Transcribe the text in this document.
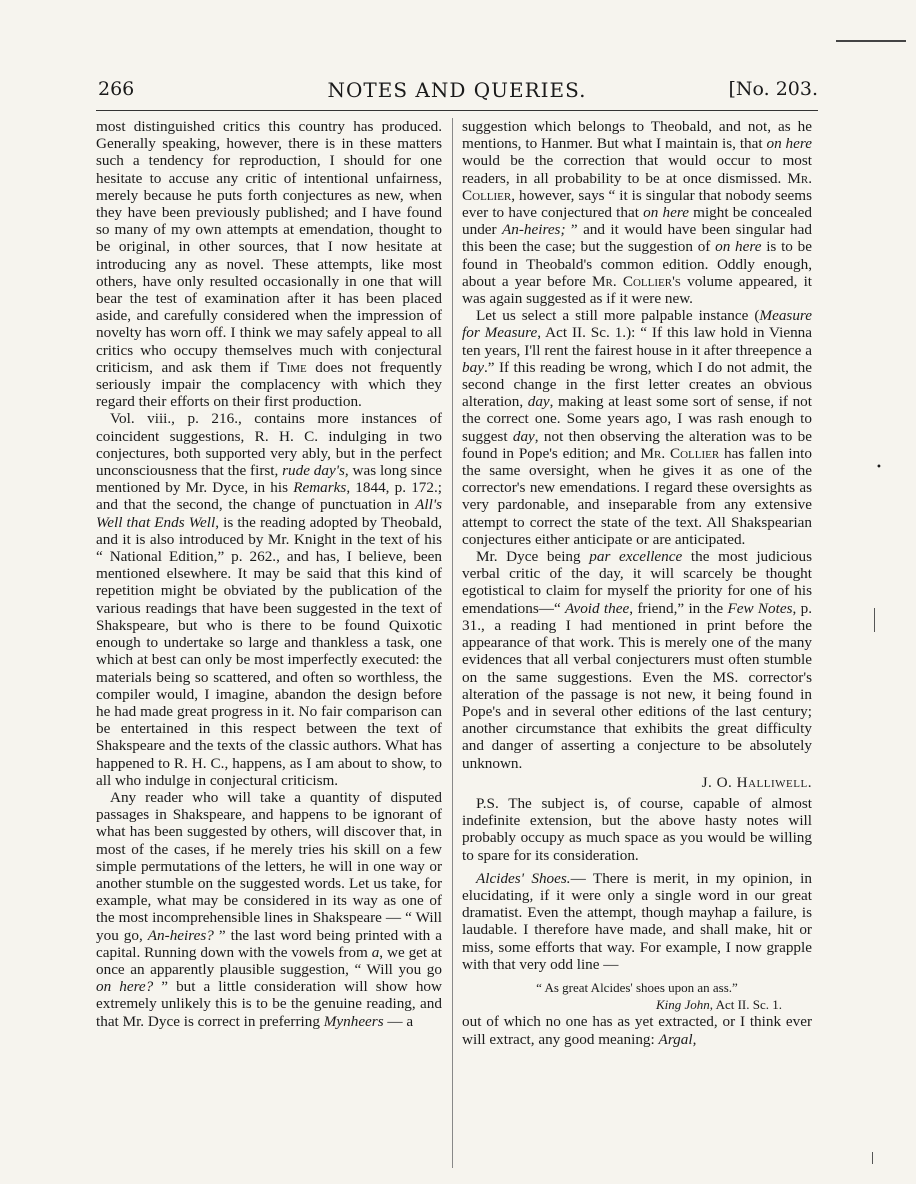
266	NOTES AND QUERIES.	[No. 203.

most distinguished critics this country has produced. Generally speaking, however, there is in these matters such a tendency for reproduction, I should for one hesitate to accuse any critic of intentional unfairness, merely because he puts forth conjectures as new, when they have been previously published; and I have found so many of my own attempts at emendation, thought to be original, in other sources, that I now hesitate at introducing any as novel. These attempts, like most others, have only resulted occasionally in one that will bear the test of examination after it has been placed aside, and carefully considered when the impression of novelty has worn off. I think we may safely appeal to all critics who occupy themselves much with conjectural criticism, and ask them if Time does not frequently seriously impair the complacency with which they regard their efforts on their first production.

Vol. viii., p. 216., contains more instances of coincident suggestions, R. H. C. indulging in two conjectures, both supported very ably, but in the perfect unconsciousness that the first, rude day's, was long since mentioned by Mr. Dyce, in his Remarks, 1844, p. 172.; and that the second, the change of punctuation in All's Well that Ends Well, is the reading adopted by Theobald, and it is also introduced by Mr. Knight in the text of his “ National Edition,” p. 262., and has, I believe, been mentioned elsewhere. It may be said that this kind of repetition might be obviated by the publication of the various readings that have been suggested in the text of Shakspeare, but who is there to be found Quixotic enough to undertake so large and thankless a task, one which at best can only be most imperfectly executed: the materials being so scattered, and often so worthless, the compiler would, I imagine, abandon the design before he had made great progress in it. No fair comparison can be entertained in this respect between the text of Shakspeare and the texts of the classic authors. What has happened to R. H. C., happens, as I am about to show, to all who indulge in conjectural criticism.

Any reader who will take a quantity of disputed passages in Shakspeare, and happens to be ignorant of what has been suggested by others, will discover that, in most of the cases, if he merely tries his skill on a few simple permutations of the letters, he will in one way or another stumble on the suggested words. Let us take, for example, what may be considered in its way as one of the most incomprehensible lines in Shakspeare — “ Will you go, An-heires? ” the last word being printed with a capital. Running down with the vowels from a, we get at once an apparently plausible suggestion, “ Will you go on here? ” but a little consideration will show how extremely unlikely this is to be the genuine reading, and that Mr. Dyce is correct in preferring Mynheers — a

suggestion which belongs to Theobald, and not, as he mentions, to Hanmer. But what I maintain is, that on here would be the correction that would occur to most readers, in all probability to be at once dismissed. Mr. Collier, however, says “ it is singular that nobody seems ever to have conjectured that on here might be concealed under An-heires; ” and it would have been singular had this been the case; but the suggestion of on here is to be found in Theobald's common edition. Oddly enough, about a year before Mr. Collier's volume appeared, it was again suggested as if it were new.

Let us select a still more palpable instance (Measure for Measure, Act II. Sc. 1.): “ If this law hold in Vienna ten years, I'll rent the fairest house in it after threepence a bay.” If this reading be wrong, which I do not admit, the second change in the first letter creates an obvious alteration, day, making at least some sort of sense, if not the correct one. Some years ago, I was rash enough to suggest day, not then observing the alteration was to be found in Pope's edition; and Mr. Collier has fallen into the same oversight, when he gives it as one of the corrector's new emendations. I regard these oversights as very pardonable, and inseparable from any extensive attempt to correct the state of the text. All Shakspearian conjectures either anticipate or are anticipated.

Mr. Dyce being par excellence the most judicious verbal critic of the day, it will scarcely be thought egotistical to claim for myself the priority for one of his emendations—“ Avoid thee, friend,” in the Few Notes, p. 31., a reading I had mentioned in print before the appearance of that work. This is merely one of the many evidences that all verbal conjecturers must often stumble on the same suggestions. Even the MS. corrector's alteration of the passage is not new, it being found in Pope's and in several other editions of the last century; another circumstance that exhibits the great difficulty and danger of asserting a conjecture to be absolutely unknown.

J. O. Halliwell.

P.S. The subject is, of course, capable of almost indefinite extension, but the above hasty notes will probably occupy as much space as you would be willing to spare for its consideration.

Alcides' Shoes.— There is merit, in my opinion, in elucidating, if it were only a single word in our great dramatist. Even the attempt, though mayhap a failure, is laudable. I therefore have made, and shall make, hit or miss, some efforts that way. For example, I now grapple with that very odd line —

“ As great Alcides' shoes upon an ass.”
King John, Act II. Sc. 1.

out of which no one has as yet extracted, or I think ever will extract, any good meaning: Argal,

•
